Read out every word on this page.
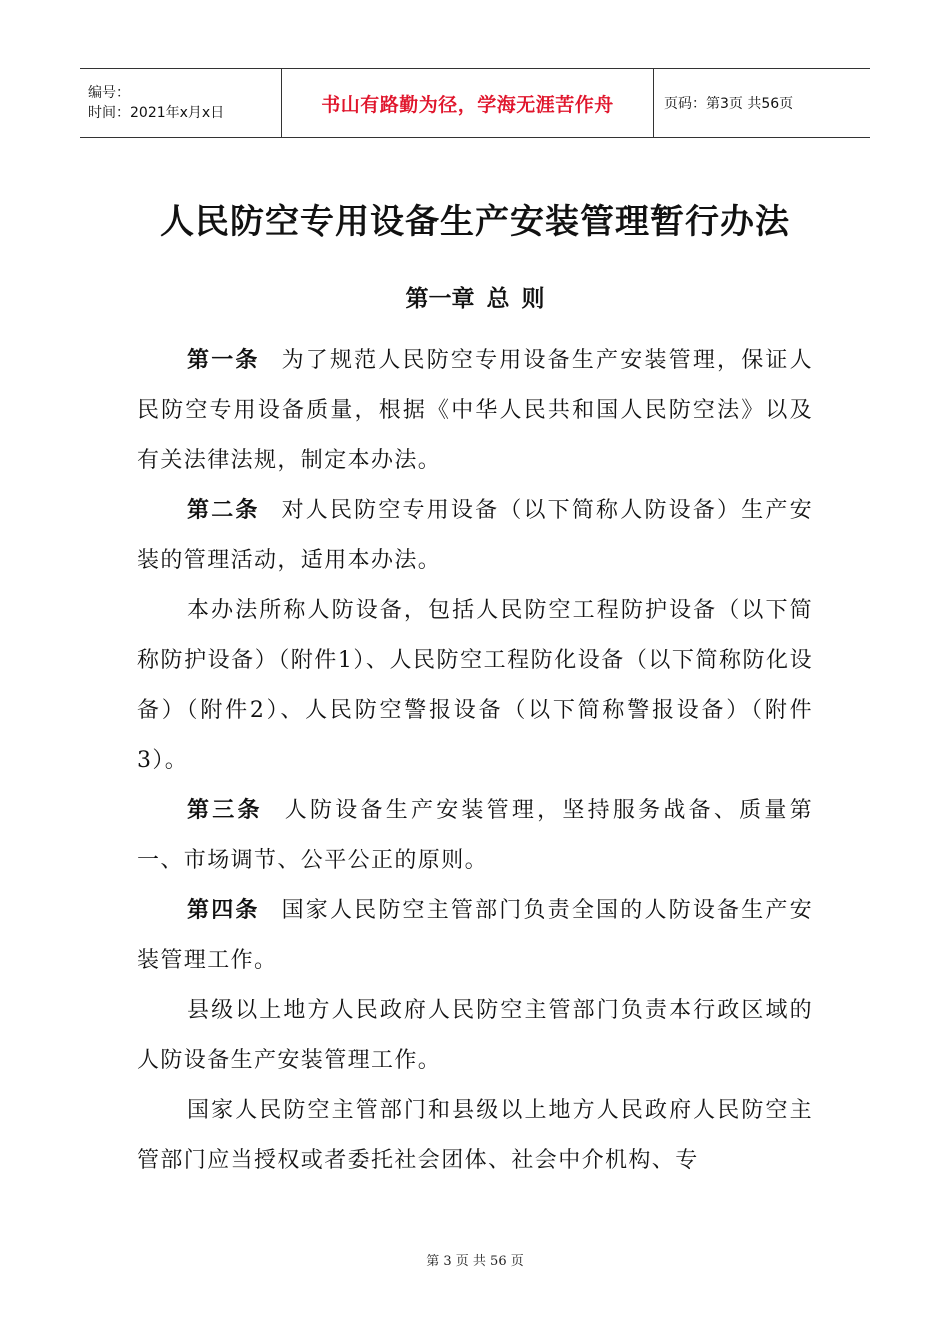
编号：
时间：2021年x月x日	书山有路勤为径，学海无涯苦作舟	页码：第3页 共56页
人民防空专用设备生产安装管理暂行办法
第一章 总 则

第一条 为了规范人民防空专用设备生产安装管理，保证人民防空专用设备质量，根据《中华人民共和国人民防空法》以及有关法律法规，制定本办法。

第二条 对人民防空专用设备（以下简称人防设备）生产安装的管理活动，适用本办法。

本办法所称人防设备，包括人民防空工程防护设备（以下简称防护设备）（附件1）、人民防空工程防化设备（以下简称防化设备）（附件2）、人民防空警报设备（以下简称警报设备）（附件3）。

第三条 人防设备生产安装管理，坚持服务战备、质量第一、市场调节、公平公正的原则。

第四条 国家人民防空主管部门负责全国的人防设备生产安装管理工作。

县级以上地方人民政府人民防空主管部门负责本行政区域的人防设备生产安装管理工作。

国家人民防空主管部门和县级以上地方人民政府人民防空主管部门应当授权或者委托社会团体、社会中介机构、专

第 3 页 共 56 页
